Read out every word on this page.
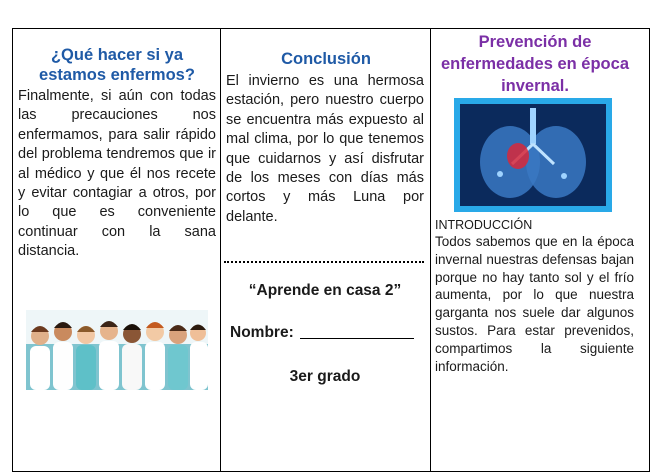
¿Qué hacer si ya estamos enfermos?
Finalmente, si aún con todas las precauciones nos enfermamos, para salir rápido del problema tendremos que ir al médico y que él nos recete y evitar contagiar a otros, por lo que es conveniente continuar con la sana distancia.
Conclusión
El invierno es una hermosa estación, pero nuestro cuerpo se encuentra más expuesto al mal clima, por lo que tenemos que cuidarnos y así disfrutar de los meses con días más cortos y más Luna por delante.
“Aprende en casa 2”
Nombre:
3er grado
Prevención de enfermedades en época invernal.
INTRODUCCIÓN
Todos sabemos que en la época invernal nuestras defensas bajan porque no hay tanto sol y el frío aumenta, por lo que nuestra garganta nos suele dar algunos sustos. Para estar prevenidos, compartimos la siguiente información.
